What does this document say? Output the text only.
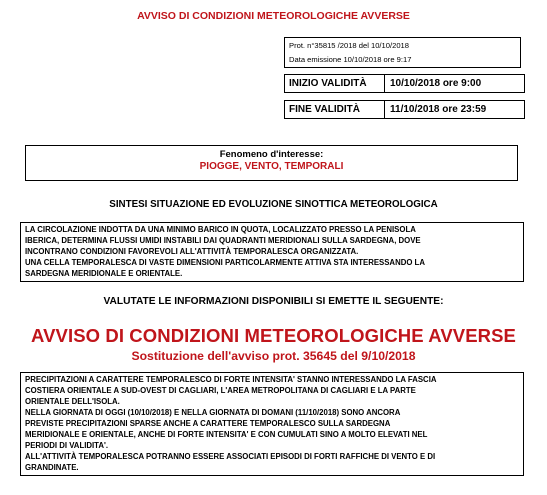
AVVISO DI CONDIZIONI METEOROLOGICHE AVVERSE
Prot. n°35815 /2018 del 10/10/2018
Data emissione 10/10/2018 ore 9:17
INIZIO VALIDITÀ	10/10/2018 ore 9:00
FINE VALIDITÀ	11/10/2018 ore 23:59
Fenomeno d'interesse:
PIOGGE, VENTO, TEMPORALI
SINTESI SITUAZIONE ED EVOLUZIONE SINOTTICA METEOROLOGICA

LA CIRCOLAZIONE INDOTTA DA UNA MINIMO BARICO IN QUOTA, LOCALIZZATO PRESSO LA PENISOLA

IBERICA, DETERMINA FLUSSI UMIDI INSTABILI DAI QUADRANTI MERIDIONALI SULLA SARDEGNA, DOVE

INCONTRANO CONDIZIONI FAVOREVOLI ALL'ATTIVITÀ TEMPORALESCA ORGANIZZATA.

UNA CELLA TEMPORALESCA DI VASTE DIMENSIONI PARTICOLARMENTE ATTIVA STA INTERESSANDO LA

SARDEGNA MERIDIONALE E ORIENTALE.

VALUTATE LE INFORMAZIONI DISPONIBILI SI EMETTE IL SEGUENTE:
AVVISO DI CONDIZIONI METEOROLOGICHE AVVERSE
Sostituzione dell'avviso prot. 35645 del 9/10/2018

PRECIPITAZIONI A CARATTERE TEMPORALESCO DI FORTE INTENSITA' STANNO INTERESSANDO LA FASCIA

COSTIERA ORIENTALE A SUD-OVEST DI CAGLIARI, L'AREA METROPOLITANA DI CAGLIARI E LA PARTE

ORIENTALE DELL'ISOLA.

NELLA GIORNATA DI OGGI (10/10/2018) E NELLA GIORNATA DI DOMANI (11/10/2018) SONO ANCORA

PREVISTE PRECIPITAZIONI SPARSE ANCHE A CARATTERE TEMPORALESCO SULLA SARDEGNA

MERIDIONALE E ORIENTALE, ANCHE DI FORTE INTENSITA' E CON CUMULATI SINO A MOLTO ELEVATI NEL

PERIODI DI VALIDITA'.

ALL'ATTIVITÀ TEMPORALESCA POTRANNO ESSERE ASSOCIATI EPISODI DI FORTI RAFFICHE DI VENTO E DI

GRANDINATE.
